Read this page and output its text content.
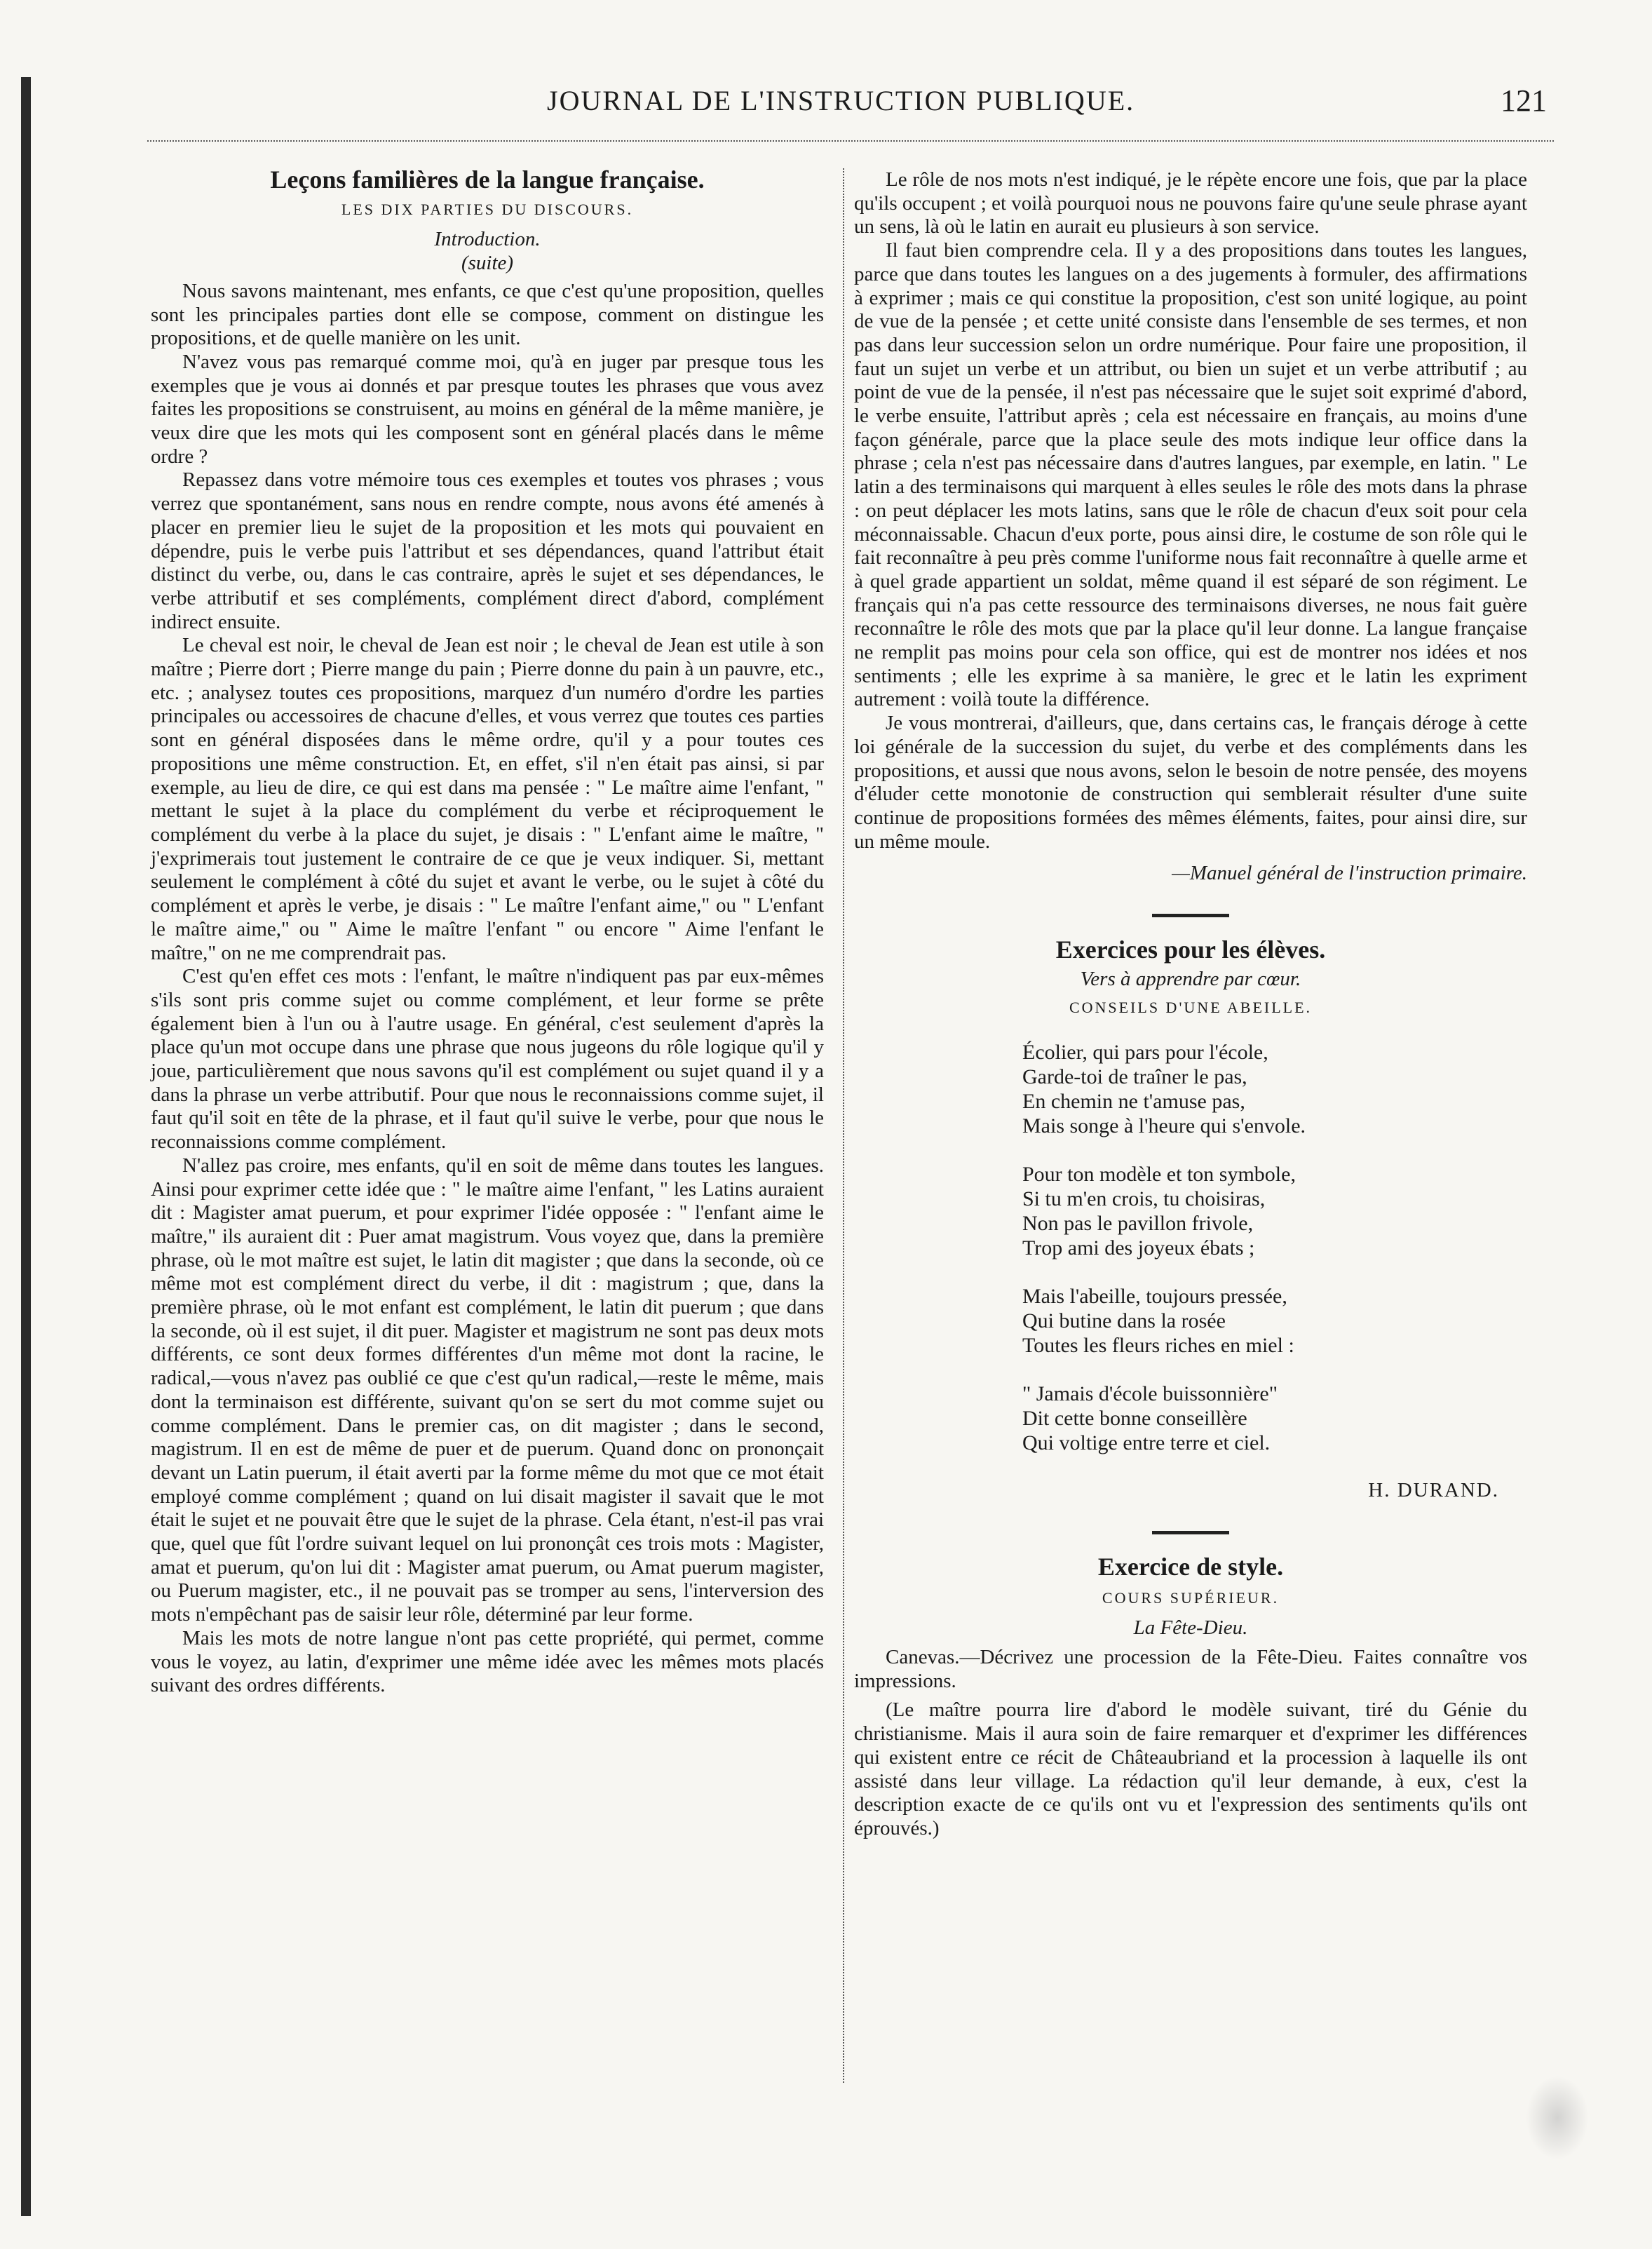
JOURNAL DE L'INSTRUCTION PUBLIQUE.	121
Leçons familières de la langue française.
LES DIX PARTIES DU DISCOURS.
Introduction.
(suite)

Nous savons maintenant, mes enfants, ce que c'est qu'une proposition, quelles sont les principales parties dont elle se compose, comment on distingue les propositions, et de quelle manière on les unit.

N'avez vous pas remarqué comme moi, qu'à en juger par presque tous les exemples que je vous ai donnés et par presque toutes les phrases que vous avez faites les propositions se construisent, au moins en général de la même manière, je veux dire que les mots qui les composent sont en général placés dans le même ordre ?

Repassez dans votre mémoire tous ces exemples et toutes vos phrases ; vous verrez que spontanément, sans nous en rendre compte, nous avons été amenés à placer en premier lieu le sujet de la proposition et les mots qui pouvaient en dépendre, puis le verbe puis l'attribut et ses dépendances, quand l'attribut était distinct du verbe, ou, dans le cas contraire, après le sujet et ses dépendances, le verbe attributif et ses compléments, complément direct d'abord, complément indirect ensuite.

Le cheval est noir, le cheval de Jean est noir ; le cheval de Jean est utile à son maître ; Pierre dort ; Pierre mange du pain ; Pierre donne du pain à un pauvre, etc., etc. ; analysez toutes ces propositions, marquez d'un numéro d'ordre les parties principales ou accessoires de chacune d'elles, et vous verrez que toutes ces parties sont en général disposées dans le même ordre, qu'il y a pour toutes ces propositions une même construction. Et, en effet, s'il n'en était pas ainsi, si par exemple, au lieu de dire, ce qui est dans ma pensée : " Le maître aime l'enfant, " mettant le sujet à la place du complément du verbe et réciproquement le complément du verbe à la place du sujet, je disais : " L'enfant aime le maître, " j'exprimerais tout justement le contraire de ce que je veux indiquer. Si, mettant seulement le complément à côté du sujet et avant le verbe, ou le sujet à côté du complément et après le verbe, je disais : " Le maître l'enfant aime," ou " L'enfant le maître aime," ou " Aime le maître l'enfant " ou encore " Aime l'enfant le maître," on ne me comprendrait pas.

C'est qu'en effet ces mots : l'enfant, le maître n'indiquent pas par eux-mêmes s'ils sont pris comme sujet ou comme complément, et leur forme se prête également bien à l'un ou à l'autre usage. En général, c'est seulement d'après la place qu'un mot occupe dans une phrase que nous jugeons du rôle logique qu'il y joue, particulièrement que nous savons qu'il est complément ou sujet quand il y a dans la phrase un verbe attributif. Pour que nous le reconnaissions comme sujet, il faut qu'il soit en tête de la phrase, et il faut qu'il suive le verbe, pour que nous le reconnaissions comme complément.

N'allez pas croire, mes enfants, qu'il en soit de même dans toutes les langues. Ainsi pour exprimer cette idée que : " le maître aime l'enfant, " les Latins auraient dit : Magister amat puerum, et pour exprimer l'idée opposée : " l'enfant aime le maître," ils auraient dit : Puer amat magistrum. Vous voyez que, dans la première phrase, où le mot maître est sujet, le latin dit magister ; que dans la seconde, où ce même mot est complément direct du verbe, il dit : magistrum ; que, dans la première phrase, où le mot enfant est complément, le latin dit puerum ; que dans la seconde, où il est sujet, il dit puer. Magister et magistrum ne sont pas deux mots différents, ce sont deux formes différentes d'un même mot dont la racine, le radical,—vous n'avez pas oublié ce que c'est qu'un radical,—reste le même, mais dont la terminaison est différente, suivant qu'on se sert du mot comme sujet ou comme complément. Dans le premier cas, on dit magister ; dans le second, magistrum. Il en est de même de puer et de puerum. Quand donc on prononçait devant un Latin puerum, il était averti par la forme même du mot que ce mot était employé comme complément ; quand on lui disait magister il savait que le mot était le sujet et ne pouvait être que le sujet de la phrase. Cela étant, n'est-il pas vrai que, quel que fût l'ordre suivant lequel on lui prononçât ces trois mots : Magister, amat et puerum, qu'on lui dit : Magister amat puerum, ou Amat puerum magister, ou Puerum magister, etc., il ne pouvait pas se tromper au sens, l'interversion des mots n'empêchant pas de saisir leur rôle, déterminé par leur forme.

Mais les mots de notre langue n'ont pas cette propriété, qui permet, comme vous le voyez, au latin, d'exprimer une même idée avec les mêmes mots placés suivant des ordres différents.

Le rôle de nos mots n'est indiqué, je le répète encore une fois, que par la place qu'ils occupent ; et voilà pourquoi nous ne pouvons faire qu'une seule phrase ayant un sens, là où le latin en aurait eu plusieurs à son service.

Il faut bien comprendre cela. Il y a des propositions dans toutes les langues, parce que dans toutes les langues on a des jugements à formuler, des affirmations à exprimer ; mais ce qui constitue la proposition, c'est son unité logique, au point de vue de la pensée ; et cette unité consiste dans l'ensemble de ses termes, et non pas dans leur succession selon un ordre numérique. Pour faire une proposition, il faut un sujet un verbe et un attribut, ou bien un sujet et un verbe attributif ; au point de vue de la pensée, il n'est pas nécessaire que le sujet soit exprimé d'abord, le verbe ensuite, l'attribut après ; cela est nécessaire en français, au moins d'une façon générale, parce que la place seule des mots indique leur office dans la phrase ; cela n'est pas nécessaire dans d'autres langues, par exemple, en latin. " Le latin a des terminaisons qui marquent à elles seules le rôle des mots dans la phrase : on peut déplacer les mots latins, sans que le rôle de chacun d'eux soit pour cela méconnaissable. Chacun d'eux porte, pous ainsi dire, le costume de son rôle qui le fait reconnaître à peu près comme l'uniforme nous fait reconnaître à quelle arme et à quel grade appartient un soldat, même quand il est séparé de son régiment. Le français qui n'a pas cette ressource des terminaisons diverses, ne nous fait guère reconnaître le rôle des mots que par la place qu'il leur donne. La langue française ne remplit pas moins pour cela son office, qui est de montrer nos idées et nos sentiments ; elle les exprime à sa manière, le grec et le latin les expriment autrement : voilà toute la différence.

Je vous montrerai, d'ailleurs, que, dans certains cas, le français déroge à cette loi générale de la succession du sujet, du verbe et des compléments dans les propositions, et aussi que nous avons, selon le besoin de notre pensée, des moyens d'éluder cette monotonie de construction qui semblerait résulter d'une suite continue de propositions formées des mêmes éléments, faites, pour ainsi dire, sur un même moule.

—Manuel général de l'instruction primaire.
Exercices pour les élèves.
Vers à apprendre par cœur.
CONSEILS D'UNE ABEILLE.
Écolier, qui pars pour l'école,
Garde-toi de traîner le pas,
En chemin ne t'amuse pas,
Mais songe à l'heure qui s'envole.
Pour ton modèle et ton symbole,
Si tu m'en crois, tu choisiras,
Non pas le pavillon frivole,
Trop ami des joyeux ébats ;
Mais l'abeille, toujours pressée,
Qui butine dans la rosée
Toutes les fleurs riches en miel :
" Jamais d'école buissonnière"
Dit cette bonne conseillère
Qui voltige entre terre et ciel.
H. DURAND.
Exercice de style.
COURS SUPÉRIEUR.
La Fête-Dieu.

Canevas.—Décrivez une procession de la Fête-Dieu. Faites connaître vos impressions.

(Le maître pourra lire d'abord le modèle suivant, tiré du Génie du christianisme. Mais il aura soin de faire remarquer et d'exprimer les différences qui existent entre ce récit de Châteaubriand et la procession à laquelle ils ont assisté dans leur village. La rédaction qu'il leur demande, à eux, c'est la description exacte de ce qu'ils ont vu et l'expression des sentiments qu'ils ont éprouvés.)
